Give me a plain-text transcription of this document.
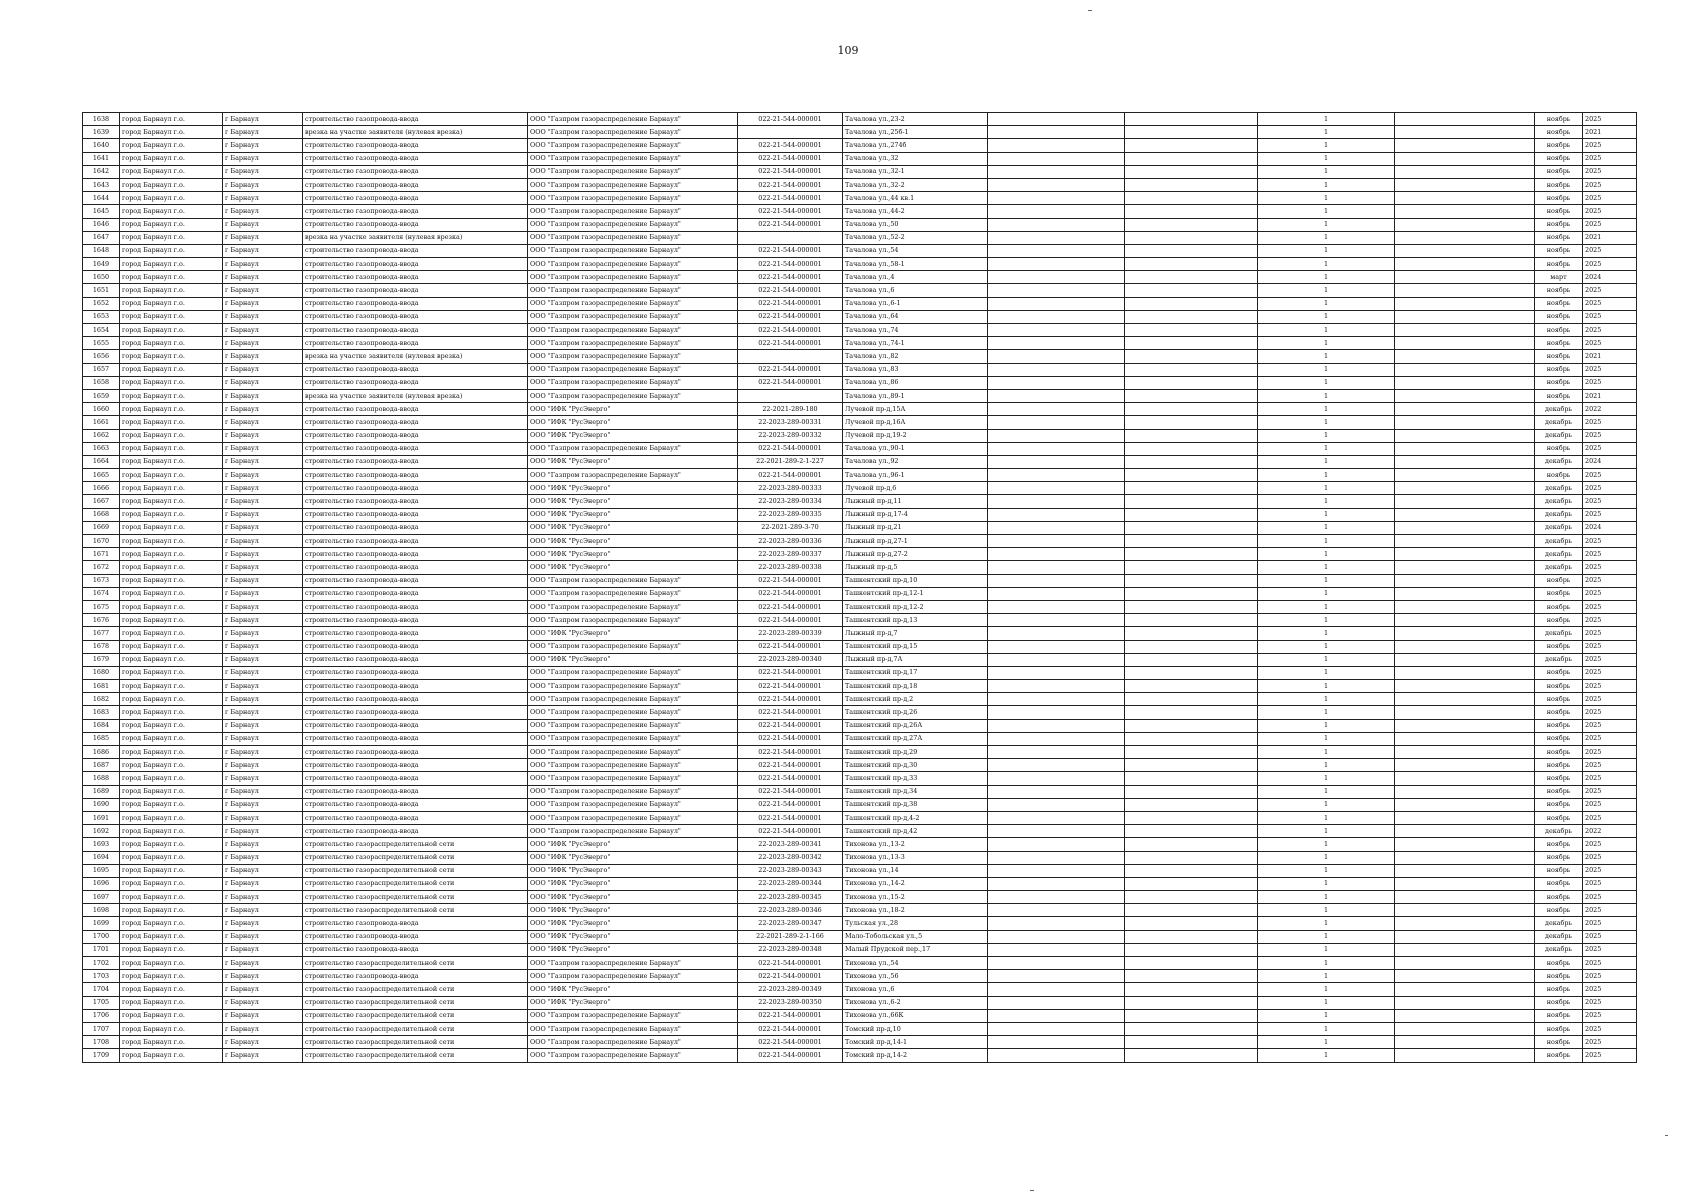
109
1638	город Барнаул г.о.	г Барнаул	строительство газопровода-ввода	ООО "Газпром газораспределение Барнаул"	022-21-544-000001	Тачалова ул.,23-2			1		ноябрь	2025
1639	город Барнаул г.о.	г Барнаул	врезка на участке заявителя (нулевая врезка)	ООО "Газпром газораспределение Барнаул"		Тачалова ул.,25б-1			1		ноябрь	2021
1640	город Барнаул г.о.	г Барнаул	строительство газопровода-ввода	ООО "Газпром газораспределение Барнаул"	022-21-544-000001	Тачалова ул.,274б			1		ноябрь	2025
1641	город Барнаул г.о.	г Барнаул	строительство газопровода-ввода	ООО "Газпром газораспределение Барнаул"	022-21-544-000001	Тачалова ул.,32			1		ноябрь	2025
1642	город Барнаул г.о.	г Барнаул	строительство газопровода-ввода	ООО "Газпром газораспределение Барнаул"	022-21-544-000001	Тачалова ул.,32-1			1		ноябрь	2025
1643	город Барнаул г.о.	г Барнаул	строительство газопровода-ввода	ООО "Газпром газораспределение Барнаул"	022-21-544-000001	Тачалова ул.,32-2			1		ноябрь	2025
1644	город Барнаул г.о.	г Барнаул	строительство газопровода-ввода	ООО "Газпром газораспределение Барнаул"	022-21-544-000001	Тачалова ул.,44 кв.1			1		ноябрь	2025
1645	город Барнаул г.о.	г Барнаул	строительство газопровода-ввода	ООО "Газпром газораспределение Барнаул"	022-21-544-000001	Тачалова ул.,44-2			1		ноябрь	2025
1646	город Барнаул г.о.	г Барнаул	строительство газопровода-ввода	ООО "Газпром газораспределение Барнаул"	022-21-544-000001	Тачалова ул.,50			1		ноябрь	2025
1647	город Барнаул г.о.	г Барнаул	врезка на участке заявителя (нулевая врезка)	ООО "Газпром газораспределение Барнаул"		Тачалова ул.,52-2			1		ноябрь	2021
1648	город Барнаул г.о.	г Барнаул	строительство газопровода-ввода	ООО "Газпром газораспределение Барнаул"	022-21-544-000001	Тачалова ул.,54			1		ноябрь	2025
1649	город Барнаул г.о.	г Барнаул	строительство газопровода-ввода	ООО "Газпром газораспределение Барнаул"	022-21-544-000001	Тачалова ул.,58-1			1		ноябрь	2025
1650	город Барнаул г.о.	г Барнаул	строительство газопровода-ввода	ООО "Газпром газораспределение Барнаул"	022-21-544-000001	Тачалова ул.,4			1		март	2024
1651	город Барнаул г.о.	г Барнаул	строительство газопровода-ввода	ООО "Газпром газораспределение Барнаул"	022-21-544-000001	Тачалова ул.,6			1		ноябрь	2025
1652	город Барнаул г.о.	г Барнаул	строительство газопровода-ввода	ООО "Газпром газораспределение Барнаул"	022-21-544-000001	Тачалова ул.,6-1			1		ноябрь	2025
1653	город Барнаул г.о.	г Барнаул	строительство газопровода-ввода	ООО "Газпром газораспределение Барнаул"	022-21-544-000001	Тачалова ул.,64			1		ноябрь	2025
1654	город Барнаул г.о.	г Барнаул	строительство газопровода-ввода	ООО "Газпром газораспределение Барнаул"	022-21-544-000001	Тачалова ул.,74			1		ноябрь	2025
1655	город Барнаул г.о.	г Барнаул	строительство газопровода-ввода	ООО "Газпром газораспределение Барнаул"	022-21-544-000001	Тачалова ул.,74-1			1		ноябрь	2025
1656	город Барнаул г.о.	г Барнаул	врезка на участке заявителя (нулевая врезка)	ООО "Газпром газораспределение Барнаул"		Тачалова ул.,82			1		ноябрь	2021
1657	город Барнаул г.о.	г Барнаул	строительство газопровода-ввода	ООО "Газпром газораспределение Барнаул"	022-21-544-000001	Тачалова ул.,83			1		ноябрь	2025
1658	город Барнаул г.о.	г Барнаул	строительство газопровода-ввода	ООО "Газпром газораспределение Барнаул"	022-21-544-000001	Тачалова ул.,86			1		ноябрь	2025
1659	город Барнаул г.о.	г Барнаул	врезка на участке заявителя (нулевая врезка)	ООО "Газпром газораспределение Барнаул"		Тачалова ул.,89-1			1		ноябрь	2021
1660	город Барнаул г.о.	г Барнаул	строительство газопровода-ввода	ООО "ИФК "РусЭнерго"	22-2021-289-180	Лучевой пр-д,15А			1		декабрь	2022
1661	город Барнаул г.о.	г Барнаул	строительство газопровода-ввода	ООО "ИФК "РусЭнерго"	22-2023-289-00331	Лучевой пр-д,16А			1		декабрь	2025
1662	город Барнаул г.о.	г Барнаул	строительство газопровода-ввода	ООО "ИФК "РусЭнерго"	22-2023-289-00332	Лучевой пр-д,19-2			1		декабрь	2025
1663	город Барнаул г.о.	г Барнаул	строительство газопровода-ввода	ООО "Газпром газораспределение Барнаул"	022-21-544-000001	Тачалова ул.,90-1			1		ноябрь	2025
1664	город Барнаул г.о.	г Барнаул	строительство газопровода-ввода	ООО "ИФК "РусЭнерго"	22-2021-289-2-1-227	Тачалова ул.,92			1		декабрь	2024
1665	город Барнаул г.о.	г Барнаул	строительство газопровода-ввода	ООО "Газпром газораспределение Барнаул"	022-21-544-000001	Тачалова ул.,96-1			1		ноябрь	2025
1666	город Барнаул г.о.	г Барнаул	строительство газопровода-ввода	ООО "ИФК "РусЭнерго"	22-2023-289-00333	Лучевой пр-д,6			1		декабрь	2025
1667	город Барнаул г.о.	г Барнаул	строительство газопровода-ввода	ООО "ИФК "РусЭнерго"	22-2023-289-00334	Лыжный пр-д,11			1		декабрь	2025
1668	город Барнаул г.о.	г Барнаул	строительство газопровода-ввода	ООО "ИФК "РусЭнерго"	22-2023-289-00335	Лыжный пр-д,17-4			1		декабрь	2025
1669	город Барнаул г.о.	г Барнаул	строительство газопровода-ввода	ООО "ИФК "РусЭнерго"	22-2021-289-3-70	Лыжный пр-д,21			1		декабрь	2024
1670	город Барнаул г.о.	г Барнаул	строительство газопровода-ввода	ООО "ИФК "РусЭнерго"	22-2023-289-00336	Лыжный пр-д,27-1			1		декабрь	2025
1671	город Барнаул г.о.	г Барнаул	строительство газопровода-ввода	ООО "ИФК "РусЭнерго"	22-2023-289-00337	Лыжный пр-д,27-2			1		декабрь	2025
1672	город Барнаул г.о.	г Барнаул	строительство газопровода-ввода	ООО "ИФК "РусЭнерго"	22-2023-289-00338	Лыжный пр-д,5			1		декабрь	2025
1673	город Барнаул г.о.	г Барнаул	строительство газопровода-ввода	ООО "Газпром газораспределение Барнаул"	022-21-544-000001	Ташкентский пр-д,10			1		ноябрь	2025
1674	город Барнаул г.о.	г Барнаул	строительство газопровода-ввода	ООО "Газпром газораспределение Барнаул"	022-21-544-000001	Ташкентский пр-д,12-1			1		ноябрь	2025
1675	город Барнаул г.о.	г Барнаул	строительство газопровода-ввода	ООО "Газпром газораспределение Барнаул"	022-21-544-000001	Ташкентский пр-д,12-2			1		ноябрь	2025
1676	город Барнаул г.о.	г Барнаул	строительство газопровода-ввода	ООО "Газпром газораспределение Барнаул"	022-21-544-000001	Ташкентский пр-д,13			1		ноябрь	2025
1677	город Барнаул г.о.	г Барнаул	строительство газопровода-ввода	ООО "ИФК "РусЭнерго"	22-2023-289-00339	Лыжный пр-д,7			1		декабрь	2025
1678	город Барнаул г.о.	г Барнаул	строительство газопровода-ввода	ООО "Газпром газораспределение Барнаул"	022-21-544-000001	Ташкентский пр-д,15			1		ноябрь	2025
1679	город Барнаул г.о.	г Барнаул	строительство газопровода-ввода	ООО "ИФК "РусЭнерго"	22-2023-289-00340	Лыжный пр-д,7А			1		декабрь	2025
1680	город Барнаул г.о.	г Барнаул	строительство газопровода-ввода	ООО "Газпром газораспределение Барнаул"	022-21-544-000001	Ташкентский пр-д,17			1		ноябрь	2025
1681	город Барнаул г.о.	г Барнаул	строительство газопровода-ввода	ООО "Газпром газораспределение Барнаул"	022-21-544-000001	Ташкентский пр-д,18			1		ноябрь	2025
1682	город Барнаул г.о.	г Барнаул	строительство газопровода-ввода	ООО "Газпром газораспределение Барнаул"	022-21-544-000001	Ташкентский пр-д,2			1		ноябрь	2025
1683	город Барнаул г.о.	г Барнаул	строительство газопровода-ввода	ООО "Газпром газораспределение Барнаул"	022-21-544-000001	Ташкентский пр-д,26			1		ноябрь	2025
1684	город Барнаул г.о.	г Барнаул	строительство газопровода-ввода	ООО "Газпром газораспределение Барнаул"	022-21-544-000001	Ташкентский пр-д,26А			1		ноябрь	2025
1685	город Барнаул г.о.	г Барнаул	строительство газопровода-ввода	ООО "Газпром газораспределение Барнаул"	022-21-544-000001	Ташкентский пр-д,27А			1		ноябрь	2025
1686	город Барнаул г.о.	г Барнаул	строительство газопровода-ввода	ООО "Газпром газораспределение Барнаул"	022-21-544-000001	Ташкентский пр-д,29			1		ноябрь	2025
1687	город Барнаул г.о.	г Барнаул	строительство газопровода-ввода	ООО "Газпром газораспределение Барнаул"	022-21-544-000001	Ташкентский пр-д,30			1		ноябрь	2025
1688	город Барнаул г.о.	г Барнаул	строительство газопровода-ввода	ООО "Газпром газораспределение Барнаул"	022-21-544-000001	Ташкентский пр-д,33			1		ноябрь	2025
1689	город Барнаул г.о.	г Барнаул	строительство газопровода-ввода	ООО "Газпром газораспределение Барнаул"	022-21-544-000001	Ташкентский пр-д,34			1		ноябрь	2025
1690	город Барнаул г.о.	г Барнаул	строительство газопровода-ввода	ООО "Газпром газораспределение Барнаул"	022-21-544-000001	Ташкентский пр-д,38			1		ноябрь	2025
1691	город Барнаул г.о.	г Барнаул	строительство газопровода-ввода	ООО "Газпром газораспределение Барнаул"	022-21-544-000001	Ташкентский пр-д,4-2			1		ноябрь	2025
1692	город Барнаул г.о.	г Барнаул	строительство газопровода-ввода	ООО "Газпром газораспределение Барнаул"	022-21-544-000001	Ташкентский пр-д,42			1		декабрь	2022
1693	город Барнаул г.о.	г Барнаул	строительство газораспределительной сети	ООО "ИФК "РусЭнерго"	22-2023-289-00341	Тихонова ул.,13-2			1		ноябрь	2025
1694	город Барнаул г.о.	г Барнаул	строительство газораспределительной сети	ООО "ИФК "РусЭнерго"	22-2023-289-00342	Тихонова ул.,13-3			1		ноябрь	2025
1695	город Барнаул г.о.	г Барнаул	строительство газораспределительной сети	ООО "ИФК "РусЭнерго"	22-2023-289-00343	Тихонова ул.,14			1		ноябрь	2025
1696	город Барнаул г.о.	г Барнаул	строительство газораспределительной сети	ООО "ИФК "РусЭнерго"	22-2023-289-00344	Тихонова ул.,14-2			1		ноябрь	2025
1697	город Барнаул г.о.	г Барнаул	строительство газораспределительной сети	ООО "ИФК "РусЭнерго"	22-2023-289-00345	Тихонова ул.,15-2			1		ноябрь	2025
1698	город Барнаул г.о.	г Барнаул	строительство газораспределительной сети	ООО "ИФК "РусЭнерго"	22-2023-289-00346	Тихонова ул.,18-2			1		ноябрь	2025
1699	город Барнаул г.о.	г Барнаул	строительство газопровода-ввода	ООО "ИФК "РусЭнерго"	22-2023-289-00347	Тульская ул.,28			1		декабрь	2025
1700	город Барнаул г.о.	г Барнаул	строительство газопровода-ввода	ООО "ИФК "РусЭнерго"	22-2021-289-2-1-166	Мало-Тобольская ул.,5			1		декабрь	2025
1701	город Барнаул г.о.	г Барнаул	строительство газопровода-ввода	ООО "ИФК "РусЭнерго"	22-2023-289-00348	Малый Прудской пер.,17			1		декабрь	2025
1702	город Барнаул г.о.	г Барнаул	строительство газораспределительной сети	ООО "Газпром газораспределение Барнаул"	022-21-544-000001	Тихонова ул.,54			1		ноябрь	2025
1703	город Барнаул г.о.	г Барнаул	строительство газопровода-ввода	ООО "Газпром газораспределение Барнаул"	022-21-544-000001	Тихонова ул.,56			1		ноябрь	2025
1704	город Барнаул г.о.	г Барнаул	строительство газораспределительной сети	ООО "ИФК "РусЭнерго"	22-2023-289-00349	Тихонова ул.,6			1		ноябрь	2025
1705	город Барнаул г.о.	г Барнаул	строительство газораспределительной сети	ООО "ИФК "РусЭнерго"	22-2023-289-00350	Тихонова ул.,6-2			1		ноябрь	2025
1706	город Барнаул г.о.	г Барнаул	строительство газораспределительной сети	ООО "Газпром газораспределение Барнаул"	022-21-544-000001	Тихонова ул.,66К			1		ноябрь	2025
1707	город Барнаул г.о.	г Барнаул	строительство газораспределительной сети	ООО "Газпром газораспределение Барнаул"	022-21-544-000001	Томский пр-д,10			1		ноябрь	2025
1708	город Барнаул г.о.	г Барнаул	строительство газораспределительной сети	ООО "Газпром газораспределение Барнаул"	022-21-544-000001	Томский пр-д,14-1			1		ноябрь	2025
1709	город Барнаул г.о.	г Барнаул	строительство газораспределительной сети	ООО "Газпром газораспределение Барнаул"	022-21-544-000001	Томский пр-д,14-2			1		ноябрь	2025
